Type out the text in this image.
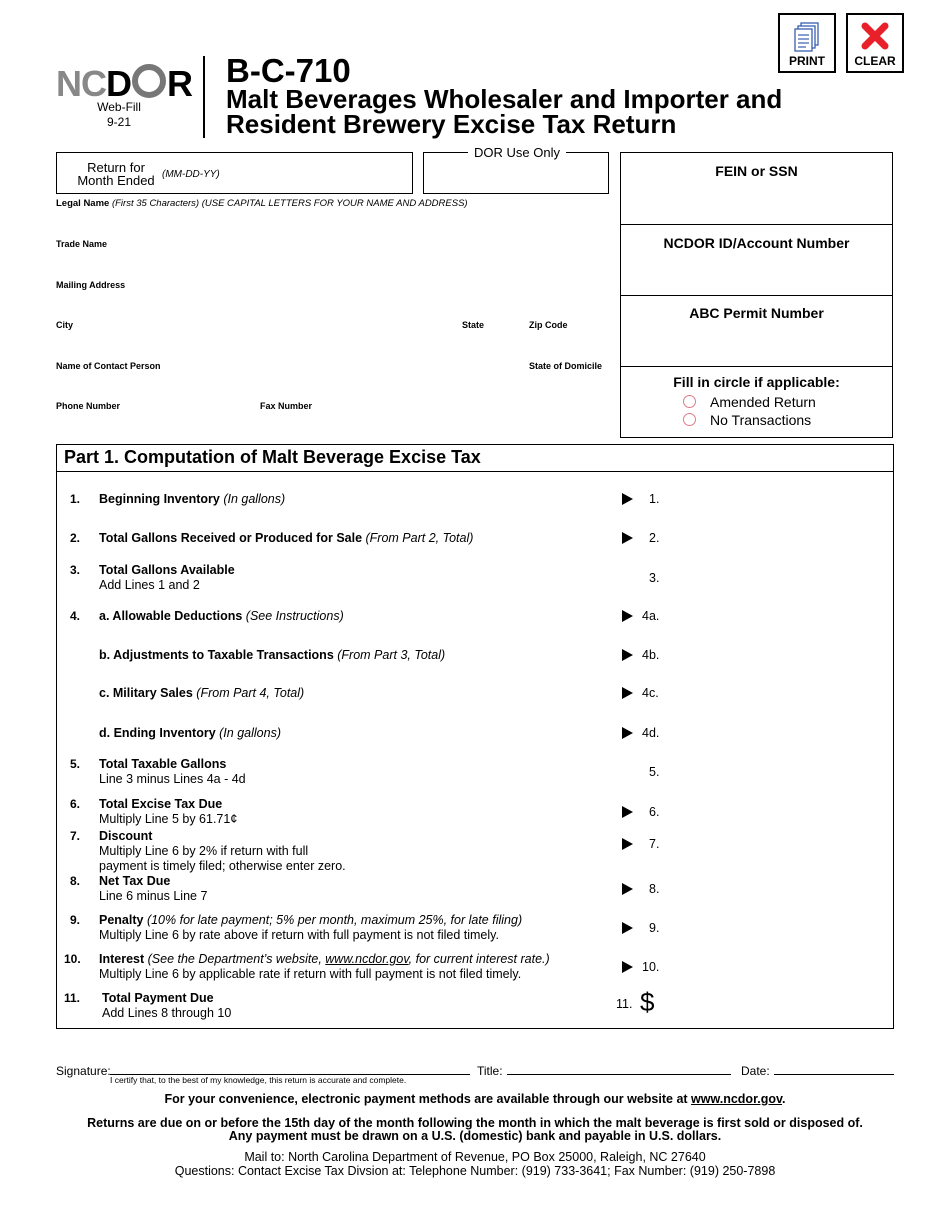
NCD R
Web-Fill
9-21
B-C-710
Malt Beverages Wholesaler and Importer and
Resident Brewery Excise Tax Return
PRINT	CLEAR
Return for
Month Ended (MM-DD-YY)
DOR Use Only
Legal Name (First 35 Characters) (USE CAPITAL LETTERS FOR YOUR NAME AND ADDRESS)
Trade Name
Mailing Address
City	State	Zip Code
Name of Contact Person	State of Domicile
Phone Number	Fax Number
FEIN or SSN
NCDOR ID/Account Number
ABC Permit Number
Fill in circle if applicable:
Amended Return
No Transactions
Part 1. Computation of Malt Beverage Excise Tax
1. Beginning Inventory (In gallons)	1.
2. Total Gallons Received or Produced for Sale (From Part 2, Total)	2.
3. Total Gallons Available
Add Lines 1 and 2	3.
4. a. Allowable Deductions (See Instructions)	4a.
b. Adjustments to Taxable Transactions (From Part 3, Total)	4b.
c. Military Sales (From Part 4, Total)	4c.
d. Ending Inventory (In gallons)	4d.
5. Total Taxable Gallons
Line 3 minus Lines 4a - 4d	5.
6. Total Excise Tax Due
Multiply Line 5 by 61.71¢	6.
7. Discount
Multiply Line 6 by 2% if return with full
payment is timely filed; otherwise enter zero.
7.
8. Net Tax Due
Line 6 minus Line 7	8.
9. Penalty (10% for late payment; 5% per month, maximum 25%, for late filing)
Multiply Line 6 by rate above if return with full payment is not filed timely.	9.
10. Interest (See the Department’s website, www.ncdor.gov, for current interest rate.)
Multiply Line 6 by applicable rate if return with full payment is not filed timely.	10.
11. Total Payment Due
Add Lines 8 through 10
11. $
Signature:
I certify that, to the best of my knowledge, this return is accurate and complete.
Title:	Date:
For your convenience, electronic payment methods are available through our website at www.ncdor.gov.
Returns are due on or before the 15th day of the month following the month in which the malt beverage is first sold or disposed of.
Any payment must be drawn on a U.S. (domestic) bank and payable in U.S. dollars.
Mail to: North Carolina Department of Revenue, PO Box 25000, Raleigh, NC 27640
Questions: Contact Excise Tax Divsion at: Telephone Number: (919) 733-3641; Fax Number: (919) 250-7898
